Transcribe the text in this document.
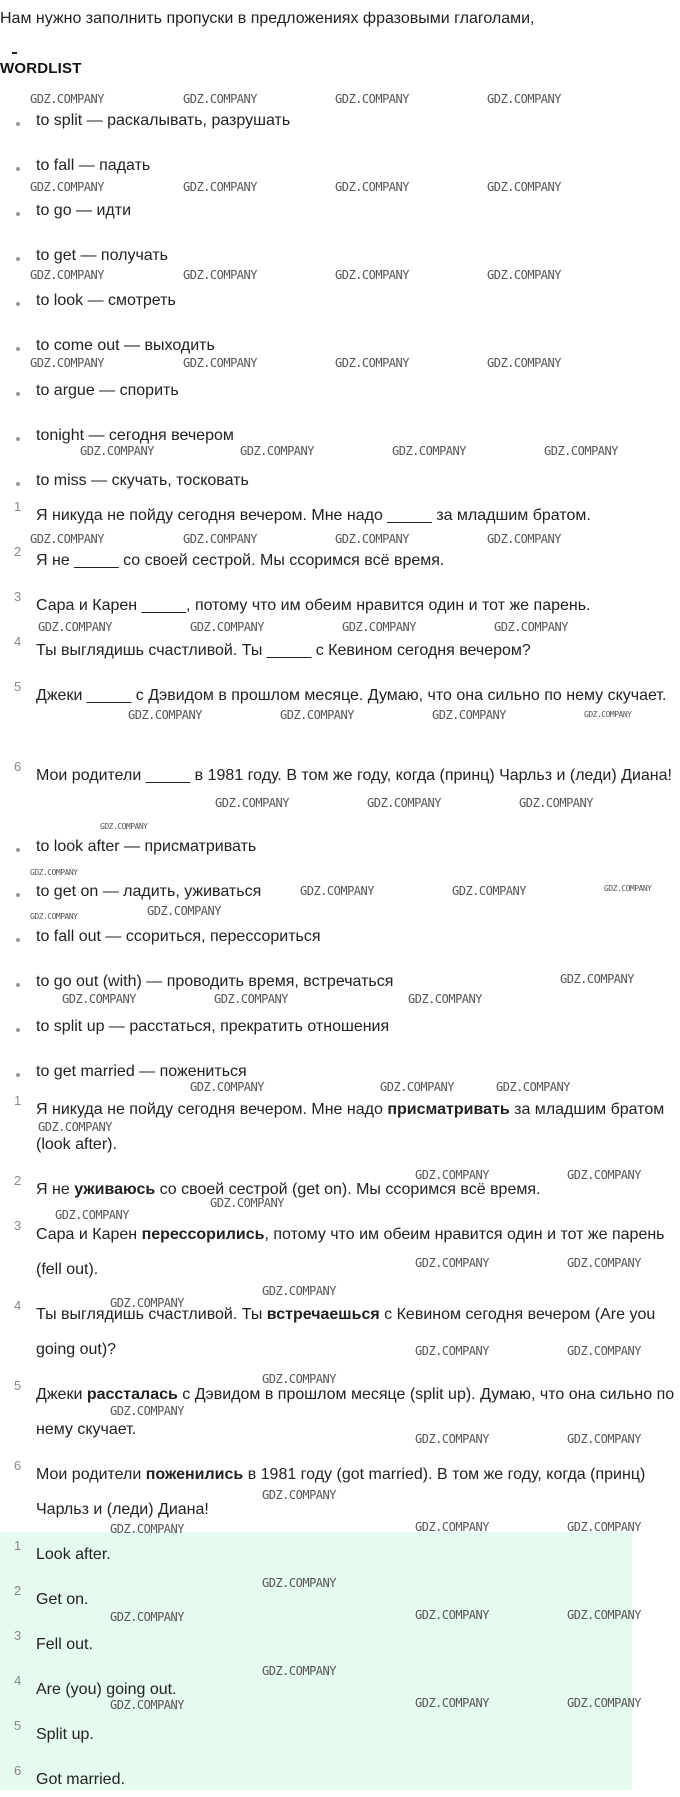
Нам нужно заполнить пропуски в предложениях фразовыми глаголами,
WORDLIST
to split — раскалывать, разрушать
to fall — падать
to go — идти
to get — получать
to look — смотреть
to come out — выходить
to argue — спорить
tonight — сегодня вечером
to miss — скучать, тосковать
1
Я никуда не пойду сегодня вечером. Мне надо _____ за младшим братом.
2
Я не _____ со своей сестрой. Мы ссоримся всё время.
3
Сара и Карен _____, потому что им обеим нравится один и тот же парень.
4
Ты выглядишь счастливой. Ты _____ с Кевином сегодня вечером?
5
Джеки _____ с Дэвидом в прошлом месяце. Думаю, что она сильно по нему скучает.
6
Мои родители _____ в 1981 году. В том же году, когда (принц) Чарльз и (леди) Диана!
to look after — присматривать
to get on — ладить, уживаться
to fall out — ссориться, перессориться
to go out (with) — проводить время, встречаться
to split up — расстаться, прекратить отношения
to get married — пожениться
1
Я никуда не пойду сегодня вечером. Мне надо присматривать за младшим братом (look after).
2
Я не уживаюсь со своей сестрой (get on). Мы ссоримся всё время.
3
Сара и Карен перессорились, потому что им обеим нравится один и тот же парень (fell out).
4
Ты выглядишь счастливой. Ты встречаешься с Кевином сегодня вечером (Are you going out)?
5
Джеки рассталась с Дэвидом в прошлом месяце (split up). Думаю, что она сильно по нему скучает.
6
Мои родители поженились в 1981 году (got married). В том же году, когда (принц) Чарльз и (леди) Диана!
1
Look after.
2
Get on.
3
Fell out.
4
Are (you) going out.
5
Split up.
6
Got married.
GDZ.COMPANY	GDZ.COMPANY	GDZ.COMPANY	GDZ.COMPANY
GDZ.COMPANY	GDZ.COMPANY	GDZ.COMPANY	GDZ.COMPANY
GDZ.COMPANY	GDZ.COMPANY	GDZ.COMPANY	GDZ.COMPANY
GDZ.COMPANY	GDZ.COMPANY	GDZ.COMPANY	GDZ.COMPANY
GDZ.COMPANY	GDZ.COMPANY	GDZ.COMPANY	GDZ.COMPANY
GDZ.COMPANY	GDZ.COMPANY	GDZ.COMPANY	GDZ.COMPANY
GDZ.COMPANY	GDZ.COMPANY	GDZ.COMPANY	GDZ.COMPANY
GDZ.COMPANY	GDZ.COMPANY	GDZ.COMPANY	GDZ.COMPANY
GDZ.COMPANY	GDZ.COMPANY	GDZ.COMPANY
GDZ.COMPANY
GDZ.COMPANY
GDZ.COMPANY	GDZ.COMPANY	GDZ.COMPANY
GDZ.COMPANY	GDZ.COMPANY
GDZ.COMPANY
GDZ.COMPANY	GDZ.COMPANY	GDZ.COMPANY
GDZ.COMPANY	GDZ.COMPANY	GDZ.COMPANY
GDZ.COMPANY
GDZ.COMPANY	GDZ.COMPANY
GDZ.COMPANY
GDZ.COMPANY
GDZ.COMPANY	GDZ.COMPANY
GDZ.COMPANY
GDZ.COMPANY
GDZ.COMPANY	GDZ.COMPANY
GDZ.COMPANY
GDZ.COMPANY
GDZ.COMPANY	GDZ.COMPANY
GDZ.COMPANY
GDZ.COMPANY	GDZ.COMPANY	GDZ.COMPANY
GDZ.COMPANY
GDZ.COMPANY	GDZ.COMPANY	GDZ.COMPANY
GDZ.COMPANY
GDZ.COMPANY	GDZ.COMPANY	GDZ.COMPANY
